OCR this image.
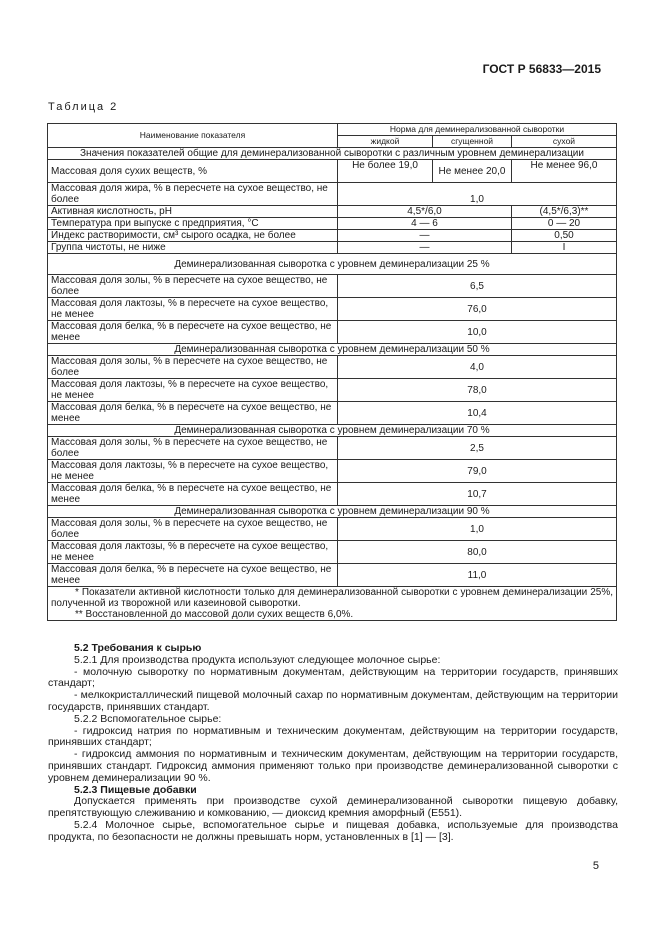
ГОСТ Р 56833—2015
Таблица 2
Наименование показателя	Норма для деминерализованной сыворотки		
	жидкой	сгущенной	сухой
Значения показателей общие для деминерализованной сыворотки с различным уровнем деминерализации			
Массовая доля сухих веществ, %	Не более 19,0	Не менее 20,0	Не менее 96,0
Массовая доля жира, % в пересчете на сухое вещество, не более	1,0		
Активная кислотность, pH	4,5*/6,0		(4,5*/6,3)**
Температура при выпуске с предприятия, °С	4 — 6		0 — 20
Индекс растворимости, см³ сырого осадка, не более	—		0,50
Группа чистоты, не ниже	—		I
Деминерализованная сыворотка с уровнем деминерализации 25 %			
Массовая доля золы, % в пересчете на сухое вещество, не более	6,5		
Массовая доля лактозы, % в пересчете на сухое вещество, не менее	76,0		
Массовая доля белка, % в пересчете на сухое вещество, не менее	10,0		
Деминерализованная сыворотка с уровнем деминерализации 50 %			
Массовая доля золы, % в пересчете на сухое вещество, не более	4,0		
Массовая доля лактозы, % в пересчете на сухое вещество, не менее	78,0		
Массовая доля белка, % в пересчете на сухое вещество, не менее	10,4		
Деминерализованная сыворотка с уровнем деминерализации 70 %			
Массовая доля золы, % в пересчете на сухое вещество, не более	2,5		
Массовая доля лактозы, % в пересчете на сухое вещество, не менее	79,0		
Массовая доля белка, % в пересчете на сухое вещество, не менее	10,7		
Деминерализованная сыворотка с уровнем деминерализации 90 %			
Массовая доля золы, % в пересчете на сухое вещество, не более	1,0		
Массовая доля лактозы, % в пересчете на сухое вещество, не менее	80,0		
Массовая доля белка, % в пересчете на сухое вещество, не менее	11,0		

* Показатели активной кислотности только для деминерализованной сыворотки с уровнем деминерализации 25%, полученной из творожной или казеиновой сыворотки.

** Восстановленной до массовой доли сухих веществ 6,0%.			

5.2 Требования к сырью

5.2.1 Для производства продукта используют следующее молочное сырье:

- молочную сыворотку по нормативным документам, действующим на территории государств, принявших стандарт;

- мелкокристаллический пищевой молочный сахар по нормативным документам, действующим на территории государств, принявших стандарт.

5.2.2 Вспомогательное сырье:

- гидроксид натрия по нормативным и техническим документам, действующим на территории государств, принявших стандарт;

- гидроксид аммония по нормативным и техническим документам, действующим на территории государств, принявших стандарт. Гидроксид аммония применяют только при производстве деминерализованной сыворотки с уровнем деминерализации 90 %.

5.2.3 Пищевые добавки

Допускается применять при производстве сухой деминерализованной сыворотки пищевую добавку, препятствующую слеживанию и комкованию, — диоксид кремния аморфный (Е551).

5.2.4 Молочное сырье, вспомогательное сырье и пищевая добавка, используемые для производства продукта, по безопасности не должны превышать норм, установленных в [1] — [3].

5
